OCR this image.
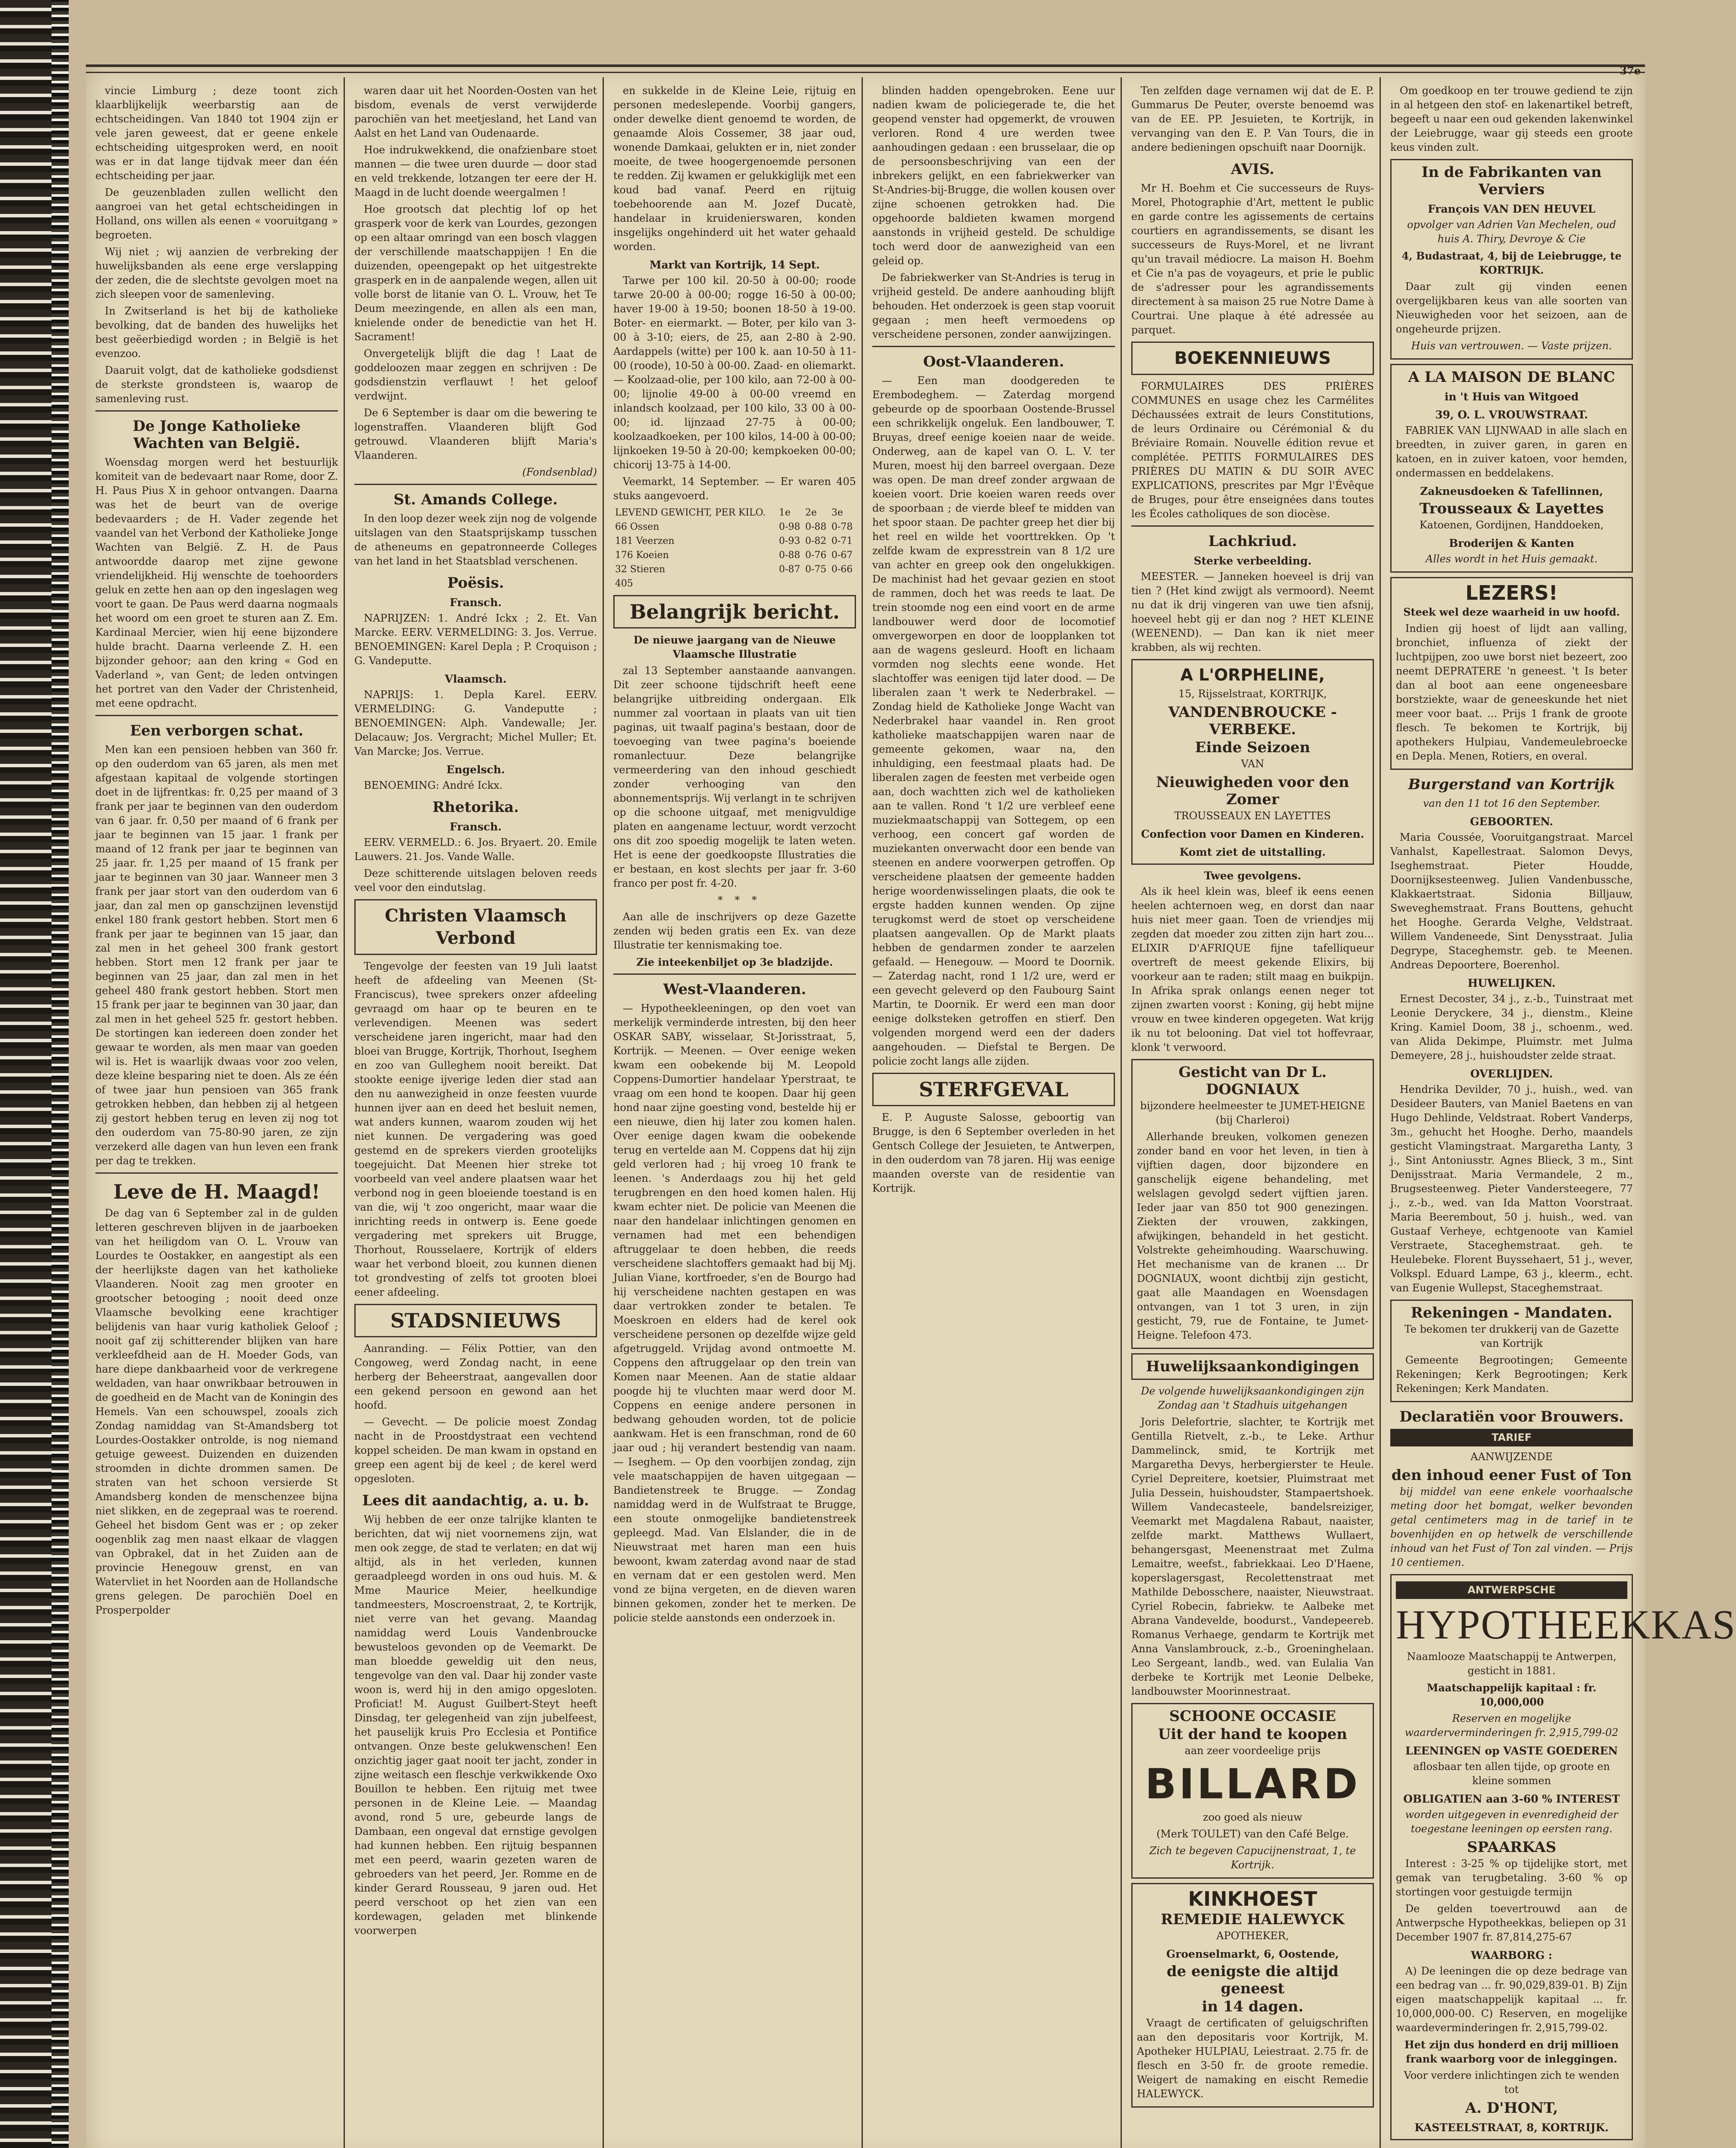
37e

vincie Limburg ; deze toont zich klaarblijkelijk weerbarstig aan de echtscheidingen. Van 1840 tot 1904 zijn er vele jaren geweest, dat er geene enkele echtscheiding uitgesproken werd, en nooit was er in dat lange tijdvak meer dan één echtscheiding per jaar.

De geuzenbladen zullen wellicht den aangroei van het getal echtscheidingen in Holland, ons willen als eenen « vooruitgang » begroeten.

Wij niet ; wij aanzien de verbreking der huwelijksbanden als eene erge verslapping der zeden, die de slechtste gevolgen moet na zich sleepen voor de samenleving.

In Zwitserland is het bij de katholieke bevolking, dat de banden des huwelijks het best geëerbiedigd worden ; in België is het evenzoo.

Daaruit volgt, dat de katholieke godsdienst de sterkste grondsteen is, waarop de samenleving rust.

De Jonge Katholieke Wachten van België.

Woensdag morgen werd het bestuurlijk komiteit van de bedevaart naar Rome, door Z. H. Paus Pius X in gehoor ontvangen. Daarna was het de beurt van de overige bedevaarders ; de H. Vader zegende het vaandel van het Verbond der Katholieke Jonge Wachten van België. Z. H. de Paus antwoordde daarop met zijne gewone vriendelijkheid. Hij wenschte de toehoorders geluk en zette hen aan op den ingeslagen weg voort te gaan. De Paus werd daarna nogmaals het woord om een groet te sturen aan Z. Em. Kardinaal Mercier, wien hij eene bijzondere hulde bracht. Daarna verleende Z. H. een bijzonder gehoor; aan den kring « God en Vaderland », van Gent; de leden ontvingen het portret van den Vader der Christenheid, met eene opdracht.

Een verborgen schat.

Men kan een pensioen hebben van 360 fr. op den ouderdom van 65 jaren, als men met afgestaan kapitaal de volgende stortingen doet in de lijfrentkas: fr. 0,25 per maand of 3 frank per jaar te beginnen van den ouderdom van 6 jaar. fr. 0,50 per maand of 6 frank per jaar te beginnen van 15 jaar. 1 frank per maand of 12 frank per jaar te beginnen van 25 jaar. fr. 1,25 per maand of 15 frank per jaar te beginnen van 30 jaar. Wanneer men 3 frank per jaar stort van den ouderdom van 6 jaar, dan zal men op ganschzijnen levenstijd enkel 180 frank gestort hebben. Stort men 6 frank per jaar te beginnen van 15 jaar, dan zal men in het geheel 300 frank gestort hebben. Stort men 12 frank per jaar te beginnen van 25 jaar, dan zal men in het geheel 480 frank gestort hebben. Stort men 15 frank per jaar te beginnen van 30 jaar, dan zal men in het geheel 525 fr. gestort hebben. De stortingen kan iedereen doen zonder het gewaar te worden, als men maar van goeden wil is. Het is waarlijk dwaas voor zoo velen, deze kleine besparing niet te doen. Als ze één of twee jaar hun pensioen van 365 frank getrokken hebben, dan hebben zij al hetgeen zij gestort hebben terug en leven zij nog tot den ouderdom van 75-80-90 jaren, ze zijn verzekerd alle dagen van hun leven een frank per dag te trekken.

Leve de H. Maagd!

De dag van 6 September zal in de gulden letteren geschreven blijven in de jaarboeken van het heiligdom van O. L. Vrouw van Lourdes te Oostakker, en aangestipt als een der heerlijkste dagen van het katholieke Vlaanderen. Nooit zag men grooter en grootscher betooging ; nooit deed onze Vlaamsche bevolking eene krachtiger belijdenis van haar vurig katholiek Geloof ; nooit gaf zij schitterender blijken van hare verkleefdheid aan de H. Moeder Gods, van hare diepe dankbaarheid voor de verkregene weldaden, van haar onwrikbaar betrouwen in de goedheid en de Macht van de Koningin des Hemels. Van een schouwspel, zooals zich Zondag namiddag van St-Amandsberg tot Lourdes-Oostakker ontrolde, is nog niemand getuige geweest. Duizenden en duizenden stroomden in dichte drommen samen. De straten van het schoon versierde St Amandsberg konden de menschenzee bijna niet slikken, en de zegepraal was te roerend. Geheel het bisdom Gent was er ; op zeker oogenblik zag men naast elkaar de vlaggen van Opbrakel, dat in het Zuiden aan de provincie Henegouw grenst, en van Watervliet in het Noorden aan de Hollandsche grens gelegen. De parochiën Doel en Prosperpolder

waren daar uit het Noorden-Oosten van het bisdom, evenals de verst verwijderde parochiën van het meetjesland, het Land van Aalst en het Land van Oudenaarde.

Hoe indrukwekkend, die onafzienbare stoet mannen — die twee uren duurde — door stad en veld trekkende, lotzangen ter eere der H. Maagd in de lucht doende weergalmen !

Hoe grootsch dat plechtig lof op het grasperk voor de kerk van Lourdes, gezongen op een altaar omringd van een bosch vlaggen der verschillende maatschappijen ! En die duizenden, opeengepakt op het uitgestrekte grasperk en in de aanpalende wegen, allen uit volle borst de litanie van O. L. Vrouw, het Te Deum meezingende, en allen als een man, knielende onder de benedictie van het H. Sacrament!

Onvergetelijk blijft die dag ! Laat de goddeloozen maar zeggen en schrijven : De godsdienstzin verflauwt ! het geloof verdwijnt.

De 6 September is daar om die bewering te logenstraffen. Vlaanderen blijft God getrouwd. Vlaanderen blijft Maria's Vlaanderen.

(Fondsenblad)

St. Amands College.

In den loop dezer week zijn nog de volgende uitslagen van den Staatsprijskamp tusschen de atheneums en gepatronneerde Colleges van het land in het Staatsblad verschenen.

Poësis.
Fransch.

NAPRIJZEN: 1. André Ickx ; 2. Et. Van Marcke. EERV. VERMELDING: 3. Jos. Verrue. BENOEMINGEN: Karel Depla ; P. Croquison ; G. Vandeputte.

Vlaamsch.

NAPRIJS: 1. Depla Karel. EERV. VERMELDING: G. Vandeputte ; BENOEMINGEN: Alph. Vandewalle; Jer. Delacauw; Jos. Vergracht; Michel Muller; Et. Van Marcke; Jos. Verrue.

Engelsch.

BENOEMING: André Ickx.

Rhetorika.
Fransch.

EERV. VERMELD.: 6. Jos. Bryaert. 20. Emile Lauwers. 21. Jos. Vande Walle.

Deze schitterende uitslagen beloven reeds veel voor den eindutslag.

Christen Vlaamsch Verbond

Tengevolge der feesten van 19 Juli laatst heeft de afdeeling van Meenen (St-Franciscus), twee sprekers onzer afdeeling gevraagd om haar op te beuren en te verlevendigen. Meenen was sedert verscheidene jaren ingericht, maar had den bloei van Brugge, Kortrijk, Thorhout, Iseghem en zoo van Gulleghem nooit bereikt. Dat stookte eenige ijverige leden dier stad aan den nu aanwezigheid in onze feesten vuurde hunnen ijver aan en deed het besluit nemen, wat anders kunnen, waarom zouden wij het niet kunnen. De vergadering was goed gestemd en de sprekers vierden grootelijks toegejuicht. Dat Meenen hier streke tot voorbeeld van veel andere plaatsen waar het verbond nog in geen bloeiende toestand is en van die, wij 't zoo ongericht, maar waar die inrichting reeds in ontwerp is. Eene goede vergadering met sprekers uit Brugge, Thorhout, Rousselaere, Kortrijk of elders waar het verbond bloeit, zou kunnen dienen tot grondvesting of zelfs tot grooten bloei eener afdeeling.

STADSNIEUWS

Aanranding. — Félix Pottier, van den Congoweg, werd Zondag nacht, in eene herberg der Beheerstraat, aangevallen door een gekend persoon en gewond aan het hoofd.

— Gevecht. — De policie moest Zondag nacht in de Proostdystraat een vechtend koppel scheiden. De man kwam in opstand en greep een agent bij de keel ; de kerel werd opgesloten.

Lees dit aandachtig, a. u. b.

Wij hebben de eer onze talrijke klanten te berichten, dat wij niet voornemens zijn, wat men ook zegge, de stad te verlaten; en dat wij altijd, als in het verleden, kunnen geraadpleegd worden in ons oud huis. M. & Mme Maurice Meier, heelkundige tandmeesters, Moscroenstraat, 2, te Kortrijk, niet verre van het gevang. Maandag namiddag werd Louis Vandenbroucke bewusteloos gevonden op de Veemarkt. De man bloedde geweldig uit den neus, tengevolge van den val. Daar hij zonder vaste woon is, werd hij in den amigo opgesloten. Proficiat! M. August Guilbert-Steyt heeft Dinsdag, ter gelegenheid van zijn jubelfeest, het pauselijk kruis Pro Ecclesia et Pontifice ontvangen. Onze beste gelukwenschen! Een onzichtig jager gaat nooit ter jacht, zonder in zijne weitasch een fleschje verkwikkende Oxo Bouillon te hebben. Een rijtuig met twee personen in de Kleine Leie. — Maandag avond, rond 5 ure, gebeurde langs de Dambaan, een ongeval dat ernstige gevolgen had kunnen hebben. Een rijtuig bespannen met een peerd, waarin gezeten waren de gebroeders van het peerd, Jer. Romme en de kinder Gerard Rousseau, 9 jaren oud. Het peerd verschoot op het zien van een kordewagen, geladen met blinkende voorwerpen

en sukkelde in de Kleine Leie, rijtuig en personen medeslepende. Voorbij gangers, onder dewelke dient genoemd te worden, de genaamde Alois Cossemer, 38 jaar oud, wonende Damkaai, gelukten er in, niet zonder moeite, de twee hoogergenoemde personen te redden. Zij kwamen er gelukkiglijk met een koud bad vanaf. Peerd en rijtuig toebehoorende aan M. Jozef Ducatè, handelaar in kruidenierswaren, konden insgelijks ongehinderd uit het water gehaald worden.

Markt van Kortrijk, 14 Sept.

Tarwe per 100 kil. 20-50 à 00-00; roode tarwe 20-00 à 00-00; rogge 16-50 à 00-00; haver 19-00 à 19-50; boonen 18-50 à 19-00. Boter- en eiermarkt. — Boter, per kilo van 3-00 à 3-10; eiers, de 25, aan 2-80 à 2-90. Aardappels (witte) per 100 k. aan 10-50 à 11-00 (roode), 10-50 à 00-00. Zaad- en oliemarkt. — Koolzaad-olie, per 100 kilo, aan 72-00 à 00-00; lijnolie 49-00 à 00-00 vreemd en inlandsch koolzaad, per 100 kilo, 33 00 à 00-00; id. lijnzaad 27-75 à 00-00; koolzaadkoeken, per 100 kilos, 14-00 à 00-00; lijnkoeken 19-50 à 20-00; kempkoeken 00-00; chicorij 13-75 à 14-00.

Veemarkt, 14 September. — Er waren 405 stuks aangevoerd.

LEVEND GEWICHT, PER KILO.	1e	2e	3e
66 Ossen	0-98	0-88	0-78
181 Veerzen	0-93	0-82	0-71
176 Koeien	0-88	0-76	0-67
32 Stieren	0-87	0-75	0-66
405			
Belangrijk bericht.

De nieuwe jaargang van de Nieuwe Vlaamsche Illustratie

zal 13 September aanstaande aanvangen. Dit zeer schoone tijdschrift heeft eene belangrijke uitbreiding ondergaan. Elk nummer zal voortaan in plaats van uit tien paginas, uit twaalf pagina's bestaan, door de toevoeging van twee pagina's boeiende romanlectuur. Deze belangrijke vermeerdering van den inhoud geschiedt zonder verhooging van den abonnementsprijs. Wij verlangt in te schrijven op die schoone uitgaaf, met menigvuldige platen en aangename lectuur, wordt verzocht ons dit zoo spoedig mogelijk te laten weten. Het is eene der goedkoopste Illustraties die er bestaan, en kost slechts per jaar fr. 3-60 franco per post fr. 4-20.

* * *

Aan alle de inschrijvers op deze Gazette zenden wij beden gratis een Ex. van deze Illustratie ter kennismaking toe.

Zie inteekenbiljet op 3e bladzijde.

West-Vlaanderen.

— Hypotheekleeningen, op den voet van merkelijk verminderde intresten, bij den heer OSKAR SABY, wisselaar, St-Jorisstraat, 5, Kortrijk. — Meenen. — Over eenige weken kwam een oobekende bij M. Leopold Coppens-Dumortier handelaar Yperstraat, te vraag om een hond te koopen. Daar hij geen hond naar zijne goesting vond, bestelde hij er een nieuwe, dien hij later zou komen halen. Over eenige dagen kwam die oobekende terug en vertelde aan M. Coppens dat hij zijn geld verloren had ; hij vroeg 10 frank te leenen. 's Anderdaags zou hij het geld terugbrengen en den hoed komen halen. Hij kwam echter niet. De policie van Meenen die naar den handelaar inlichtingen genomen en vernamen had met een behendigen aftruggelaar te doen hebben, die reeds verscheidene slachtoffers gemaakt had bij Mj. Julian Viane, kortfroeder, s'en de Bourgo had hij verscheidene nachten gestapen en was daar vertrokken zonder te betalen. Te Moeskroen en elders had de kerel ook verscheidene personen op dezelfde wijze geld afgetruggeld. Vrijdag avond ontmoette M. Coppens den aftruggelaar op den trein van Komen naar Meenen. Aan de statie aldaar poogde hij te vluchten maar werd door M. Coppens en eenige andere personen in bedwang gehouden worden, tot de policie aankwam. Het is een franschman, rond de 60 jaar oud ; hij verandert bestendig van naam. — Iseghem. — Op den voorbijen zondag, zijn vele maatschappijen de haven uitgegaan — Bandietenstreek te Brugge. — Zondag namiddag werd in de Wulfstraat te Brugge, een stoute onmogelijke bandietenstreek gepleegd. Mad. Van Elslander, die in de Nieuwstraat met haren man een huis bewoont, kwam zaterdag avond naar de stad en vernam dat er een gestolen werd. Men vond ze bijna vergeten, en de dieven waren binnen gekomen, zonder het te merken. De policie stelde aanstonds een onderzoek in.

blinden hadden opengebroken. Eene uur nadien kwam de policiegerade te, die het geopend venster had opgemerkt, de vrouwen verloren. Rond 4 ure werden twee aanhoudingen gedaan : een brusselaar, die op de persoonsbeschrijving van een der inbrekers gelijkt, en een fabriekwerker van St-Andries-bij-Brugge, die wollen kousen over zijne schoenen getrokken had. Die opgehoorde baldieten kwamen morgend aanstonds in vrijheid gesteld. De schuldige toch werd door de aanwezigheid van een geleid op.

De fabriekwerker van St-Andries is terug in vrijheid gesteld. De andere aanhouding blijft behouden. Het onderzoek is geen stap vooruit gegaan ; men heeft vermoedens op verscheidene personen, zonder aanwijzingen.

Oost-Vlaanderen.

— Een man doodgereden te Erembodeghem. — Zaterdag morgend gebeurde op de spoorbaan Oostende-Brussel een schrikkelijk ongeluk. Een landbouwer, T. Bruyas, dreef eenige koeien naar de weide. Onderweg, aan de kapel van O. L. V. ter Muren, moest hij den barreel overgaan. Deze was open. De man dreef zonder argwaan de koeien voort. Drie koeien waren reeds over de spoorbaan ; de vierde bleef te midden van het spoor staan. De pachter greep het dier bij het reel en wilde het voorttrekken. Op 't zelfde kwam de expresstrein van 8 1/2 ure van achter en greep ook den ongelukkigen. De machinist had het gevaar gezien en stoot de rammen, doch het was reeds te laat. De trein stoomde nog een eind voort en de arme landbouwer werd door de locomotief omvergeworpen en door de loopplanken tot aan de wagens gesleurd. Hooft en lichaam vormden nog slechts eene wonde. Het slachtoffer was eenigen tijd later dood. — De liberalen zaan 't werk te Nederbrakel. — Zondag hield de Katholieke Jonge Wacht van Nederbrakel haar vaandel in. Ren groot katholieke maatschappijen waren naar de gemeente gekomen, waar na, den inhuldiging, een feestmaal plaats had. De liberalen zagen de feesten met verbeide ogen aan, doch wachtten zich wel de katholieken aan te vallen. Rond 't 1/2 ure verbleef eene muziekmaatschappij van Sottegem, op een verhoog, een concert gaf worden de muziekanten onverwacht door een bende van steenen en andere voorwerpen getroffen. Op verscheidene plaatsen der gemeente hadden herige woordenwisselingen plaats, die ook te ergste hadden kunnen wenden. Op zijne terugkomst werd de stoet op verscheidene plaatsen aangevallen. Op de Markt plaats hebben de gendarmen zonder te aarzelen gefaald. — Henegouw. — Moord te Doornik. — Zaterdag nacht, rond 1 1/2 ure, werd er een gevecht geleverd op den Faubourg Saint Martin, te Doornik. Er werd een man door eenige dolksteken getroffen en stierf. Den volgenden morgend werd een der daders aangehouden. — Diefstal te Bergen. De policie zocht langs alle zijden.

STERFGEVAL

E. P. Auguste Salosse, geboortig van Brugge, is den 6 September overleden in het Gentsch College der Jesuieten, te Antwerpen, in den ouderdom van 78 jaren. Hij was eenige maanden overste van de residentie van Kortrijk.

Ten zelfden dage vernamen wij dat de E. P. Gummarus De Peuter, overste benoemd was van de EE. PP. Jesuieten, te Kortrijk, in vervanging van den E. P. Van Tours, die in andere bedieningen opschuift naar Doornijk.

AVIS.

Mr H. Boehm et Cie successeurs de Ruys-Morel, Photographie d'Art, mettent le public en garde contre les agissements de certains courtiers en agrandissements, se disant les successeurs de Ruys-Morel, et ne livrant qu'un travail médiocre. La maison H. Boehm et Cie n'a pas de voyageurs, et prie le public de s'adresser pour les agrandissements directement à sa maison 25 rue Notre Dame à Courtrai. Une plaque à été adressée au parquet.

BOEKENNIEUWS

FORMULAIRES DES PRIÈRES COMMUNES en usage chez les Carmélites Déchaussées extrait de leurs Constitutions, de leurs Ordinaire ou Cérémonial & du Bréviaire Romain. Nouvelle édition revue et complétée. PETITS FORMULAIRES DES PRIÈRES DU MATIN & DU SOIR AVEC EXPLICATIONS, prescrites par Mgr l'Évêque de Bruges, pour être enseignées dans toutes les Écoles catholiques de son diocèse.

Lachkriud.
Sterke verbeelding.

MEESTER. — Janneken hoeveel is drij van tien ? (Het kind zwijgt als vermoord). Neemt nu dat ik drij vingeren van uwe tien afsnij, hoeveel hebt gij er dan nog ? HET KLEINE (WEENEND). — Dan kan ik niet meer krabben, als wij rechten.

A L'ORPHELINE,

15, Rijsselstraat, KORTRIJK,

VANDENBROUCKE - VERBEKE.
Einde Seizoen

VAN

Nieuwigheden voor den Zomer

TROUSSEAUX EN LAYETTES

Confection voor Damen en Kinderen.
Komt ziet de uitstalling.
Twee gevolgens.

Als ik heel klein was, bleef ik eens eenen heelen achternoen weg, en dorst dan naar huis niet meer gaan. Toen de vriendjes mij zegden dat moeder zou zitten zijn hart zou... ELIXIR D'AFRIQUE fijne tafelliqueur overtreft de meest gekende Elixirs, bij voorkeur aan te raden; stilt maag en buikpijn. In Afrika sprak onlangs eenen neger tot zijnen zwarten voorst : Koning, gij hebt mijne vrouw en twee kinderen opgegeten. Wat krijg ik nu tot belooning. Dat viel tot hoffevraar, klonk 't verwoord.

Gesticht van Dr L. DOGNIAUX

bijzondere heelmeester te JUMET-HEIGNE (bij Charleroi)

Allerhande breuken, volkomen genezen zonder band en voor het leven, in tien à vijftien dagen, door bijzondere en ganschelijk eigene behandeling, met welslagen gevolgd sedert vijftien jaren. Ieder jaar van 850 tot 900 genezingen. Ziekten der vrouwen, zakkingen, afwijkingen, behandeld in het gesticht. Volstrekte geheimhouding. Waarschuwing. Het mechanisme van de kranen ... Dr DOGNIAUX, woont dichtbij zijn gesticht, gaat alle Maandagen en Woensdagen ontvangen, van 1 tot 3 uren, in zijn gesticht, 79, rue de Fontaine, te Jumet-Heigne. Telefoon 473.

Huwelijksaankondigingen

De volgende huwelijksaankondigingen zijn Zondag aan 't Stadhuis uitgehangen

Joris Delefortrie, slachter, te Kortrijk met Gentilla Rietvelt, z.-b., te Leke. Arthur Dammelinck, smid, te Kortrijk met Margaretha Devys, herbergierster te Heule. Cyriel Depreitere, koetsier, Pluimstraat met Julia Dessein, huishoudster, Stampaertshoek. Willem Vandecasteele, bandelsreiziger, Veemarkt met Magdalena Rabaut, naaister, zelfde markt. Matthews Wullaert, behangersgast, Meenenstraat met Zulma Lemaitre, weefst., fabriekkaai. Leo D'Haene, koperslagersgast, Recolettenstraat met Mathilde Debosschere, naaister, Nieuwstraat. Cyriel Robecin, fabriekw. te Aalbeke met Abrana Vandevelde, boodurst., Vandepeereb. Romanus Verhaege, gendarm te Kortrijk met Anna Vanslambrouck, z.-b., Groeninghelaan. Leo Sergeant, landb., wed. van Eulalia Van derbeke te Kortrijk met Leonie Delbeke, landbouwster Moorinnestraat.

SCHOONE OCCASIE
Uit der hand te koopen

aan zeer voordeelige prijs

BILLARD

zoo goed als nieuw

(Merk TOULET) van den Café Belge.

Zich te begeven Capucijnenstraat, 1, te Kortrijk.

KINKHOEST
REMEDIE HALEWYCK

APOTHEKER,

Groenselmarkt, 6, Oostende,
de eenigste die altijd geneest
in 14 dagen.

Vraagt de certificaten of geluigschriften aan den depositaris voor Kortrijk, M. Apotheker HULPIAU, Leiestraat. 2.75 fr. de flesch en 3-50 fr. de groote remedie. Weigert de namaking en eischt Remedie HALEWYCK.

Om goedkoop en ter trouwe gediend te zijn in al hetgeen den stof- en lakenartikel betreft, begeeft u naar een oud gekenden lakenwinkel der Leiebrugge, waar gij steeds een groote keus vinden zult.

In de Fabrikanten van Verviers
François VAN DEN HEUVEL

opvolger van Adrien Van Mechelen, oud huis A. Thiry, Devroye & Cie

4, Budastraat, 4, bij de Leiebrugge, te KORTRIJK.

Daar zult gij vinden eenen overgelijkbaren keus van alle soorten van Nieuwigheden voor het seizoen, aan de ongeheurde prijzen.

Huis van vertrouwen. — Vaste prijzen.

A LA MAISON DE BLANC
in 't Huis van Witgoed
39, O. L. VROUWSTRAAT.

FABRIEK VAN LIJNWAAD in alle slach en breedten, in zuiver garen, in garen en katoen, en in zuiver katoen, voor hemden, ondermassen en beddelakens.

Zakneusdoeken & Tafellinnen,
Trousseaux & Layettes

Katoenen, Gordijnen, Handdoeken,

Broderijen & Kanten

Alles wordt in het Huis gemaakt.

LEZERS!

Steek wel deze waarheid in uw hoofd.

Indien gij hoest of lijdt aan valling, bronchiet, influenza of ziekt der luchtpijpen, zoo uwe borst niet bezeert, zoo neemt DEPRATERE 'n geneest. 't Is beter dan al boot aan eene ongeneesbare borstziekte, waar de geneeskunde het niet meer voor baat. ... Prijs 1 frank de groote flesch. Te bekomen te Kortrijk, bij apothekers Hulpiau, Vandemeulebroecke en Depla. Menen, Rotiers, en overal.

Burgerstand van Kortrijk

van den 11 tot 16 den September.

GEBOORTEN.

Maria Coussée, Vooruitgangstraat. Marcel Vanhalst, Kapellestraat. Salomon Devys, Iseghemstraat. Pieter Houdde, Doornijksesteenweg. Julien Vandenbussche, Klakkaertstraat. Sidonia Billjauw, Sweveghemstraat. Frans Bouttens, gehucht het Hooghe. Gerarda Velghe, Veldstraat. Willem Vandeneede, Sint Denysstraat. Julia Degrype, Staceghemstr. geb. te Meenen. Andreas Depoortere, Boerenhol.

HUWELIJKEN.

Ernest Decoster, 34 j., z.-b., Tuinstraat met Leonie Deryckere, 34 j., dienstm., Kleine Kring. Kamiel Doom, 38 j., schoenm., wed. van Alida Dekimpe, Pluimstr. met Julma Demeyere, 28 j., huishoudster zelde straat.

OVERLIJDEN.

Hendrika Devilder, 70 j., huish., wed. van Desideer Bauters, van Maniel Baetens en van Hugo Dehlinde, Veldstraat. Robert Vanderps, 3m., gehucht het Hooghe. Derho, maandels gesticht Vlamingstraat. Margaretha Lanty, 3 j., Sint Antoniusstr. Agnes Blieck, 3 m., Sint Denijsstraat. Maria Vermandele, 2 m., Brugsesteenweg. Pieter Vandersteegere, 77 j., z.-b., wed. van Ida Matton Voorstraat. Maria Beerembout, 50 j. huish., wed. van Gustaaf Verheye, echtgenoote van Kamiel Verstraete, Staceghemstraat. geh. te Heulebeke. Florent Buyssehaert, 51 j., wever, Volkspl. Eduard Lampe, 63 j., kleerm., echt. van Eugenie Wullepst, Staceghemstraat.

Rekeningen - Mandaten.

Te bekomen ter drukkerij van de Gazette van Kortrijk

Gemeente Begrootingen; Gemeente Rekeningen; Kerk Begrootingen; Kerk Rekeningen; Kerk Mandaten.

Declaratiën voor Brouwers.
TARIEF

AANWIJZENDE

den inhoud eener Fust of Ton

bij middel van eene enkele voorhaalsche meting door het bomgat, welker bevonden getal centimeters mag in de tarief in te bovenhijden en op hetwelk de verschillende inhoud van het Fust of Ton zal vinden. — Prijs 10 centiemen.

ANTWERPSCHE
HYPOTHEEKKAS

Naamlooze Maatschappij te Antwerpen, gesticht in 1881.

Maatschappelijk kapitaal : fr. 10,000,000

Reserven en mogelijke waarderverminderingen fr. 2,915,799-02

LEENINGEN op VASTE GOEDEREN

aflosbaar ten allen tijde, op groote en kleine sommen

OBLIGATIEN aan 3-60 % INTEREST

worden uitgegeven in evenredigheid der toegestane leeningen op eersten rang.

SPAARKAS

Interest : 3-25 % op tijdelijke stort, met gemak van terugbetaling. 3-60 % op stortingen voor gestuigde termijn

De gelden toevertrouwd aan de Antwerpsche Hypotheekkas, beliepen op 31 December 1907 fr. 87,814,275-67

WAARBORG :

A) De leeningen die op deze bedrage van een bedrag van ... fr. 90,029,839-01. B) Zijn eigen maatschappelijk kapitaal ... fr. 10,000,000-00. C) Reserven, en mogelijke waardeverminderingen fr. 2,915,799-02.

Het zijn dus honderd en drij millioen frank waarborg voor de inleggingen.

Voor verdere inlichtingen zich te wenden tot

A. D'HONT,
KASTEELSTRAAT, 8, KORTRIJK.
